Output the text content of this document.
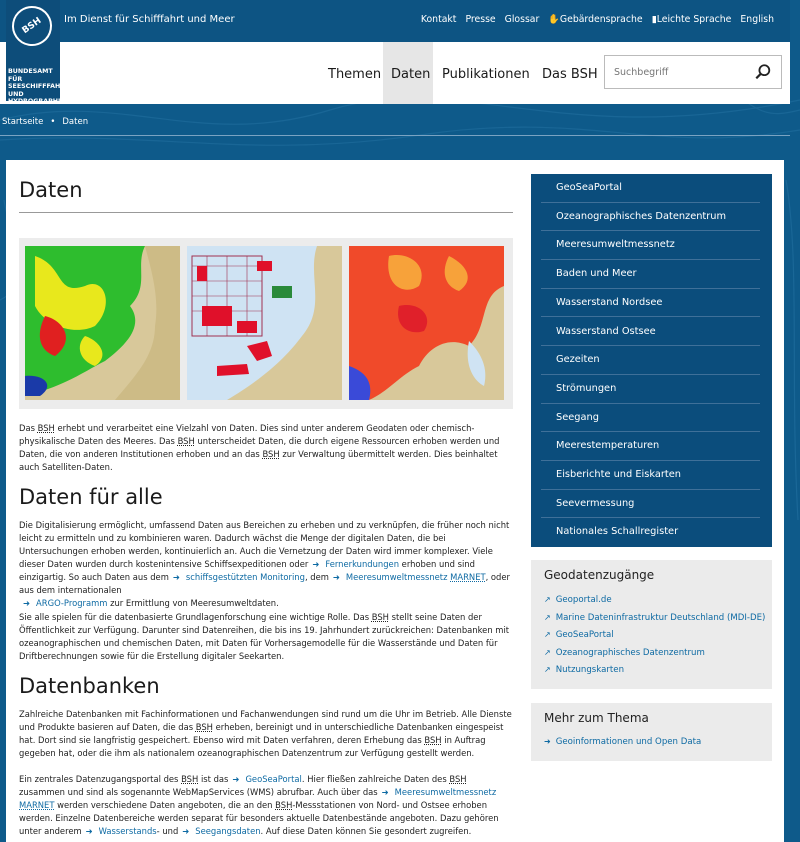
Im Dienst für Schifffahrt und Meer	Kontakt Presse Glossar ✋Gebärdensprache ▮Leichte Sprache English
Themen Daten Publikationen Das BSH
BSH
BUNDESAMT FÜR
SEESCHIFFFAHRT
UND
HYDROGRAPHIE
Suchbegriff
Startseite • Daten
Daten

Das BSH erhebt und verarbeitet eine Vielzahl von Daten. Dies sind unter anderem Geodaten oder chemisch-physikalische Daten des Meeres. Das BSH unterscheidet Daten, die durch eigene Ressourcen erhoben werden und Daten, die von anderen Institutionen erhoben und an das BSH zur Verwaltung übermittelt werden. Dies beinhaltet auch Satelliten-Daten.

Daten für alle

Die Digitalisierung ermöglicht, umfassend Daten aus Bereichen zu erheben und zu verknüpfen, die früher noch nicht leicht zu ermitteln und zu kombinieren waren. Dadurch wächst die Menge der digitalen Daten, die bei Untersuchungen erhoben werden, kontinuierlich an. Auch die Vernetzung der Daten wird immer komplexer. Viele dieser Daten wurden durch kostenintensive Schiffsexpeditionen oder ➜ Fernerkundungen erhoben und sind einzigartig. So auch Daten aus dem ➜ schiffsgestützten Monitoring, dem ➜ Meeresumweltmessnetz MARNET, oder aus dem internationalen
➜ ARGO-Programm zur Ermittlung von Meeresumweltdaten.

Sie alle spielen für die datenbasierte Grundlagenforschung eine wichtige Rolle. Das BSH stellt seine Daten der Öffentlichkeit zur Verfügung. Darunter sind Datenreihen, die bis ins 19. Jahrhundert zurückreichen: Datenbanken mit ozeanographischen und chemischen Daten, mit Daten für Vorhersagemodelle für die Wasserstände und Daten für Driftberechnungen sowie für die Erstellung digitaler Seekarten.

Datenbanken

Zahlreiche Datenbanken mit Fachinformationen und Fachanwendungen sind rund um die Uhr im Betrieb. Alle Dienste und Produkte basieren auf Daten, die das BSH erheben, bereinigt und in unterschiedliche Datenbanken eingespeist hat. Dort sind sie langfristig gespeichert. Ebenso wird mit Daten verfahren, deren Erhebung das BSH in Auftrag gegeben hat, oder die ihm als nationalem ozeanographischen Datenzentrum zur Verfügung gestellt werden.

Ein zentrales Datenzugangsportal des BSH ist das ➜ GeoSeaPortal. Hier fließen zahlreiche Daten des BSH zusammen und sind als sogenannte WebMapServices (WMS) abrufbar. Auch über das ➜ Meeresumweltmessnetz MARNET werden verschiedene Daten angeboten, die an den BSH-Messstationen von Nord- und Ostsee erhoben werden. Einzelne Datenbereiche werden separat für besonders aktuelle Datenbestände angeboten. Dazu gehören unter anderem ➜ Wasserstands- und ➜ Seegangsdaten. Auf diese Daten können Sie gesondert zugreifen.

GeoSeaPortal
Ozeanographisches Datenzentrum
Meeresumweltmessnetz
Baden und Meer
Wasserstand Nordsee
Wasserstand Ostsee
Gezeiten
Strömungen
Seegang
Meerestemperaturen
Eisberichte und Eiskarten
Seevermessung
Nationales Schallregister
Geodatenzugänge
↗ Geoportal.de
↗ Marine Dateninfrastruktur Deutschland (MDI-DE)
↗ GeoSeaPortal
↗ Ozeanographisches Datenzentrum
↗ Nutzungskarten
Mehr zum Thema
➜ Geoinformationen und Open Data
